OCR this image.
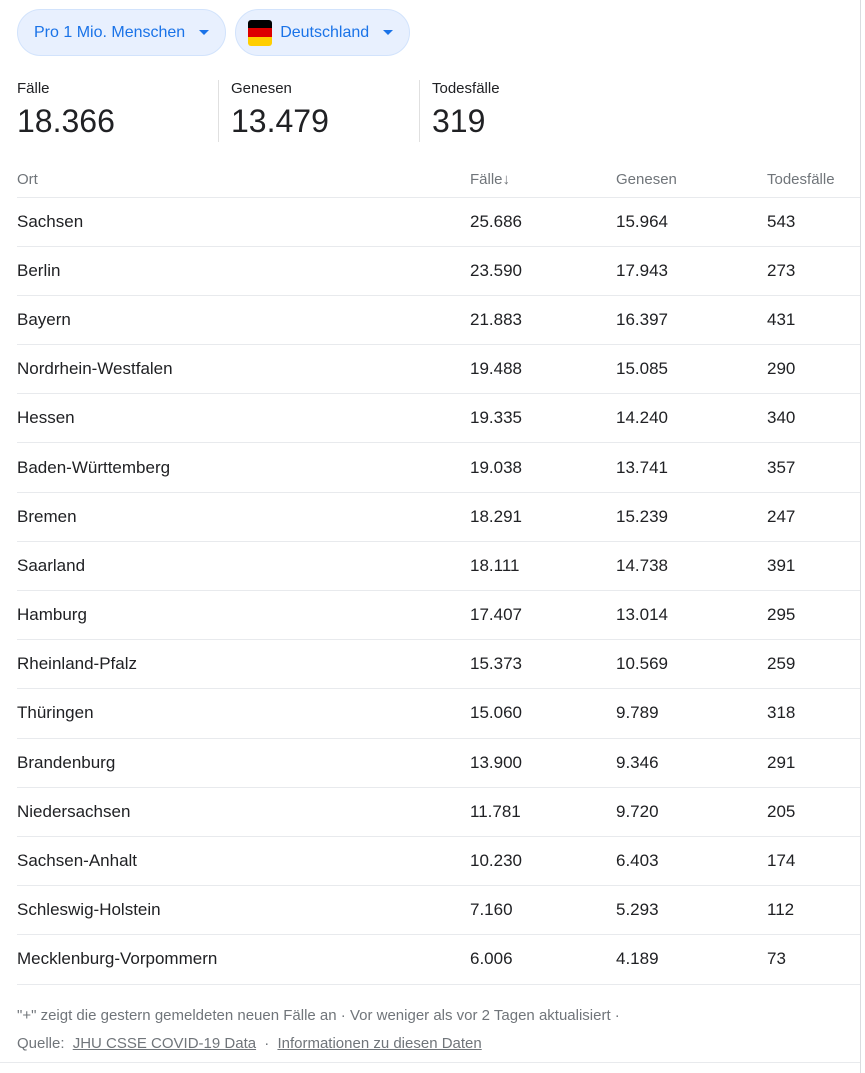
Pro 1 Mio. Menschen	Deutschland
Fälle
18.366
Genesen
13.479
Todesfälle
319
Ort	Fälle↓	Genesen	Todesfälle
Sachsen	25.686	15.964	543
Berlin	23.590	17.943	273
Bayern	21.883	16.397	431
Nordrhein-Westfalen	19.488	15.085	290
Hessen	19.335	14.240	340
Baden-Württemberg	19.038	13.741	357
Bremen	18.291	15.239	247
Saarland	18.111	14.738	391
Hamburg	17.407	13.014	295
Rheinland-Pfalz	15.373	10.569	259
Thüringen	15.060	9.789	318
Brandenburg	13.900	9.346	291
Niedersachsen	11.781	9.720	205
Sachsen-Anhalt	10.230	6.403	174
Schleswig-Holstein	7.160	5.293	112
Mecklenburg-Vorpommern	6.006	4.189	73
"+" zeigt die gestern gemeldeten neuen Fälle an · Vor weniger als vor 2 Tagen aktualisiert ·
Quelle: JHU CSSE COVID-19 Data · Informationen zu diesen Daten
